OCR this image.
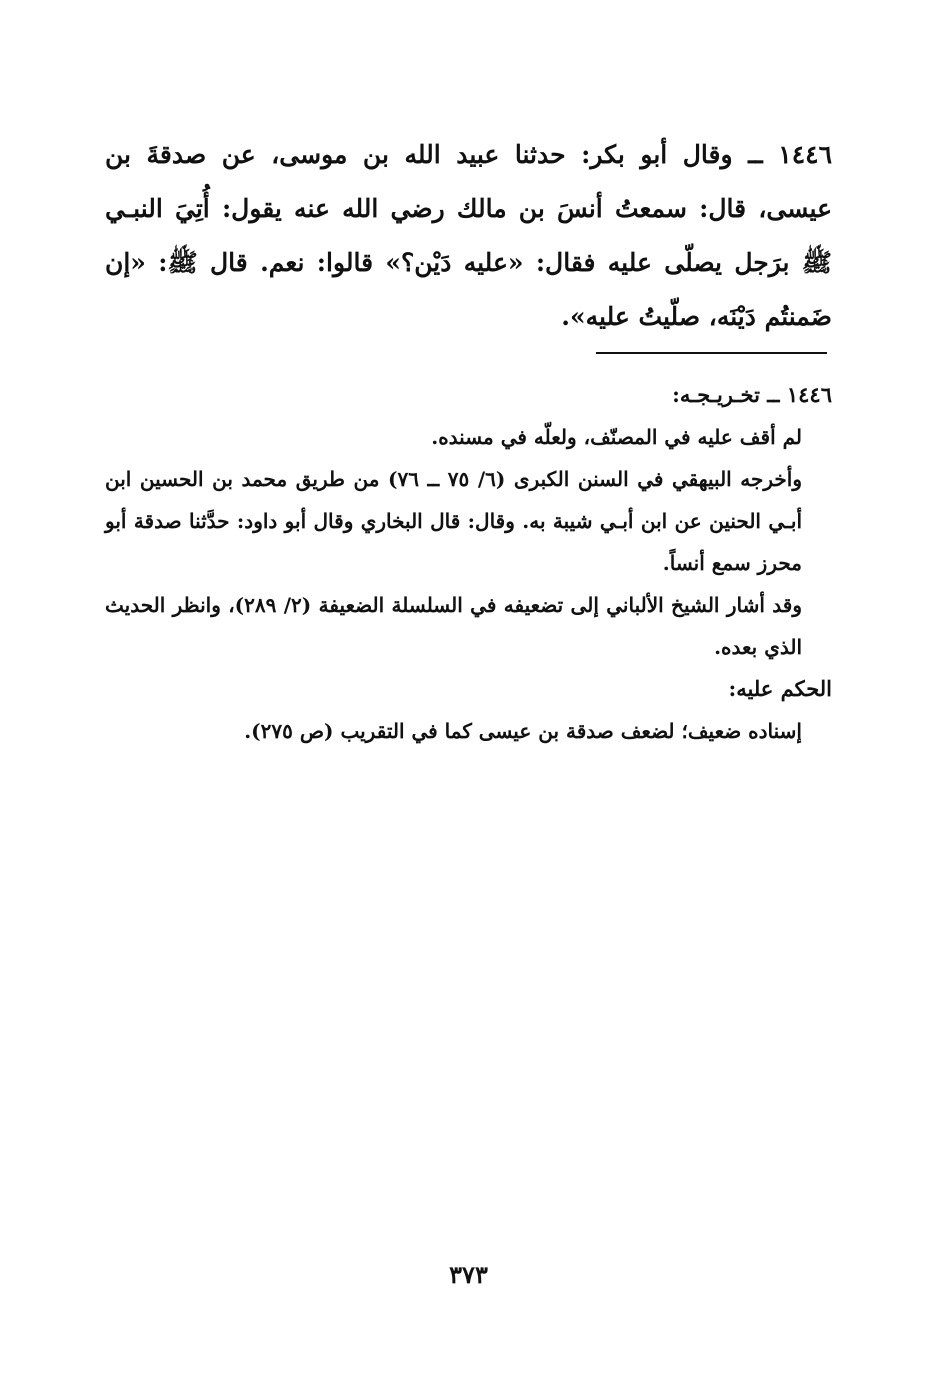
١٤٤٦ ــ وقال أبو بكر: حدثنا عبيد الله بن موسى، عن صدقةَ بن عيسى، قال: سمعتُ أنسَ بن مالك رضي الله عنه يقول: أُتِيَ النبـي ﷺ برَجل يصلّى عليه فقال: «عليه دَيْن؟» قالوا: نعم. قال ﷺ: «إن ضَمنتُم دَيْنَه، صلّيتُ عليه».

١٤٤٦ ــ تخـريـجـه:

لم أقف عليه في المصنّف، ولعلّه في مسنده.

وأخرجه البيهقي في السنن الكبرى (٦/ ٧٥ ــ ٧٦) من طريق محمد بن الحسين ابن أبـي الحنين عن ابن أبـي شيبة به. وقال: قال البخاري وقال أبو داود: حدَّثنا صدقة أبو محرز سمع أنساً.

وقد أشار الشيخ الألباني إلى تضعيفه في السلسلة الضعيفة (٢/ ٢٨٩)، وانظر الحديث الذي بعده.

الحكم عليه:

إسناده ضعيف؛ لضعف صدقة بن عيسى كما في التقريب (ص ٢٧٥).

٣٧٣
